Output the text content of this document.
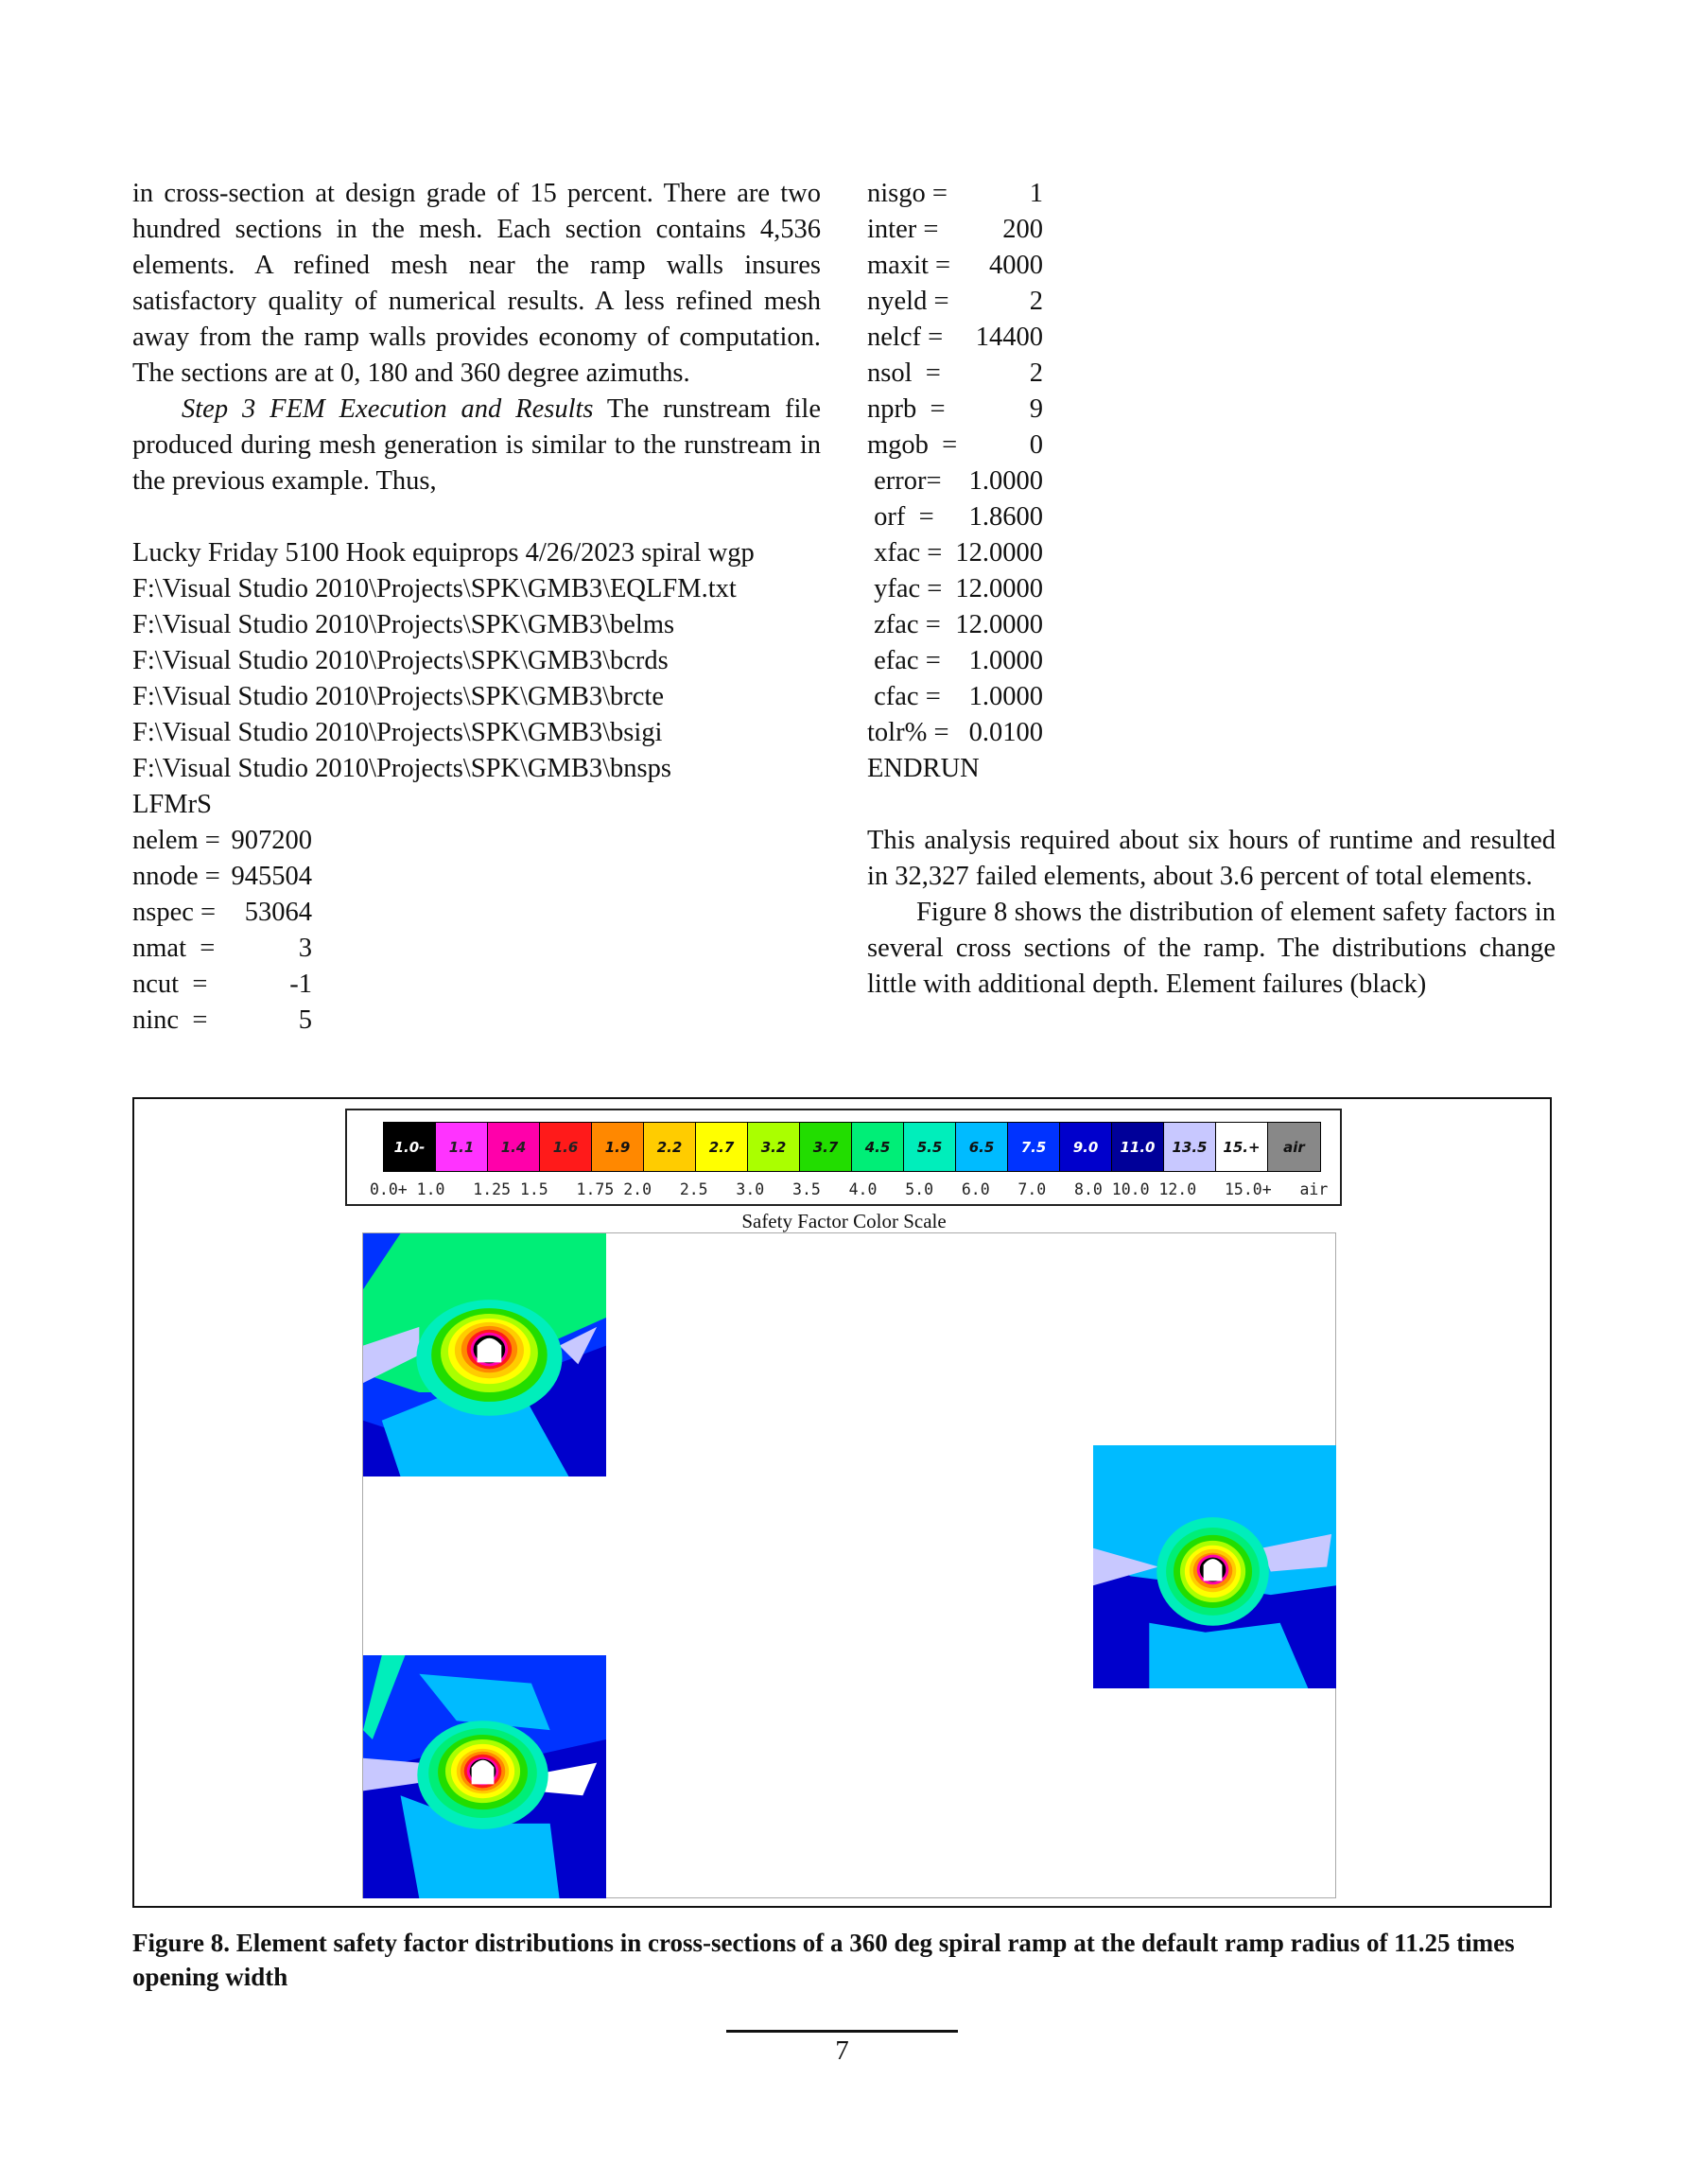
in cross-section at design grade of 15 percent. There are two hundred sections in the mesh. Each section contains 4,536 elements. A refined mesh near the ramp walls insures satisfactory quality of numerical results. A less refined mesh away from the ramp walls provides economy of computation. The sections are at 0, 180 and 360 degree azimuths.

Step 3 FEM Execution and Results The runstream file produced during mesh generation is similar to the runstream in the previous example. Thus,

Lucky Friday 5100 Hook equiprops 4/26/2023 spiral wgp

F:\Visual Studio 2010\Projects\SPK\GMB3\EQLFM.txt

F:\Visual Studio 2010\Projects\SPK\GMB3\belms

F:\Visual Studio 2010\Projects\SPK\GMB3\bcrds

F:\Visual Studio 2010\Projects\SPK\GMB3\brcte

F:\Visual Studio 2010\Projects\SPK\GMB3\bsigi

F:\Visual Studio 2010\Projects\SPK\GMB3\bnsps

LFMrS

nelem = 907200
nnode = 945504
nspec =	53064
nmat  =	3
ncut  =	-1
ninc  =	5
nisgo =	1
inter =	200
maxit =	4000
nyeld =	2
nelcf =	14400
nsol  =	2
nprb  =	9
mgob  =	0
error=	1.0000
orf  =	1.8600
xfac = 12.0000
yfac = 12.0000
zfac = 12.0000
efac =	1.0000
cfac =	1.0000
tolr% = 0.0100

ENDRUN

This analysis required about six hours of runtime and resulted in 32,327 failed elements, about 3.6 percent of total elements.

Figure 8 shows the distribution of element safety factors in several cross sections of the ramp. The distributions change little with additional depth. Element failures (black)

1.0-	1.1	1.4	1.6	1.9	2.2	2.7	3.2	3.7	4.5	5.5	6.5	7.5	9.0	11.0	13.5	15.+	air
0.0+ 1.0   1.25 1.5   1.75 2.0   2.5   3.0   3.5   4.0   5.0   6.0   7.0   8.0 10.0 12.0   15.0+   air
Safety Factor Color Scale
Figure 8. Element safety factor distributions in cross-sections of a 360 deg spiral ramp at the default ramp radius of 11.25 times opening width
7
